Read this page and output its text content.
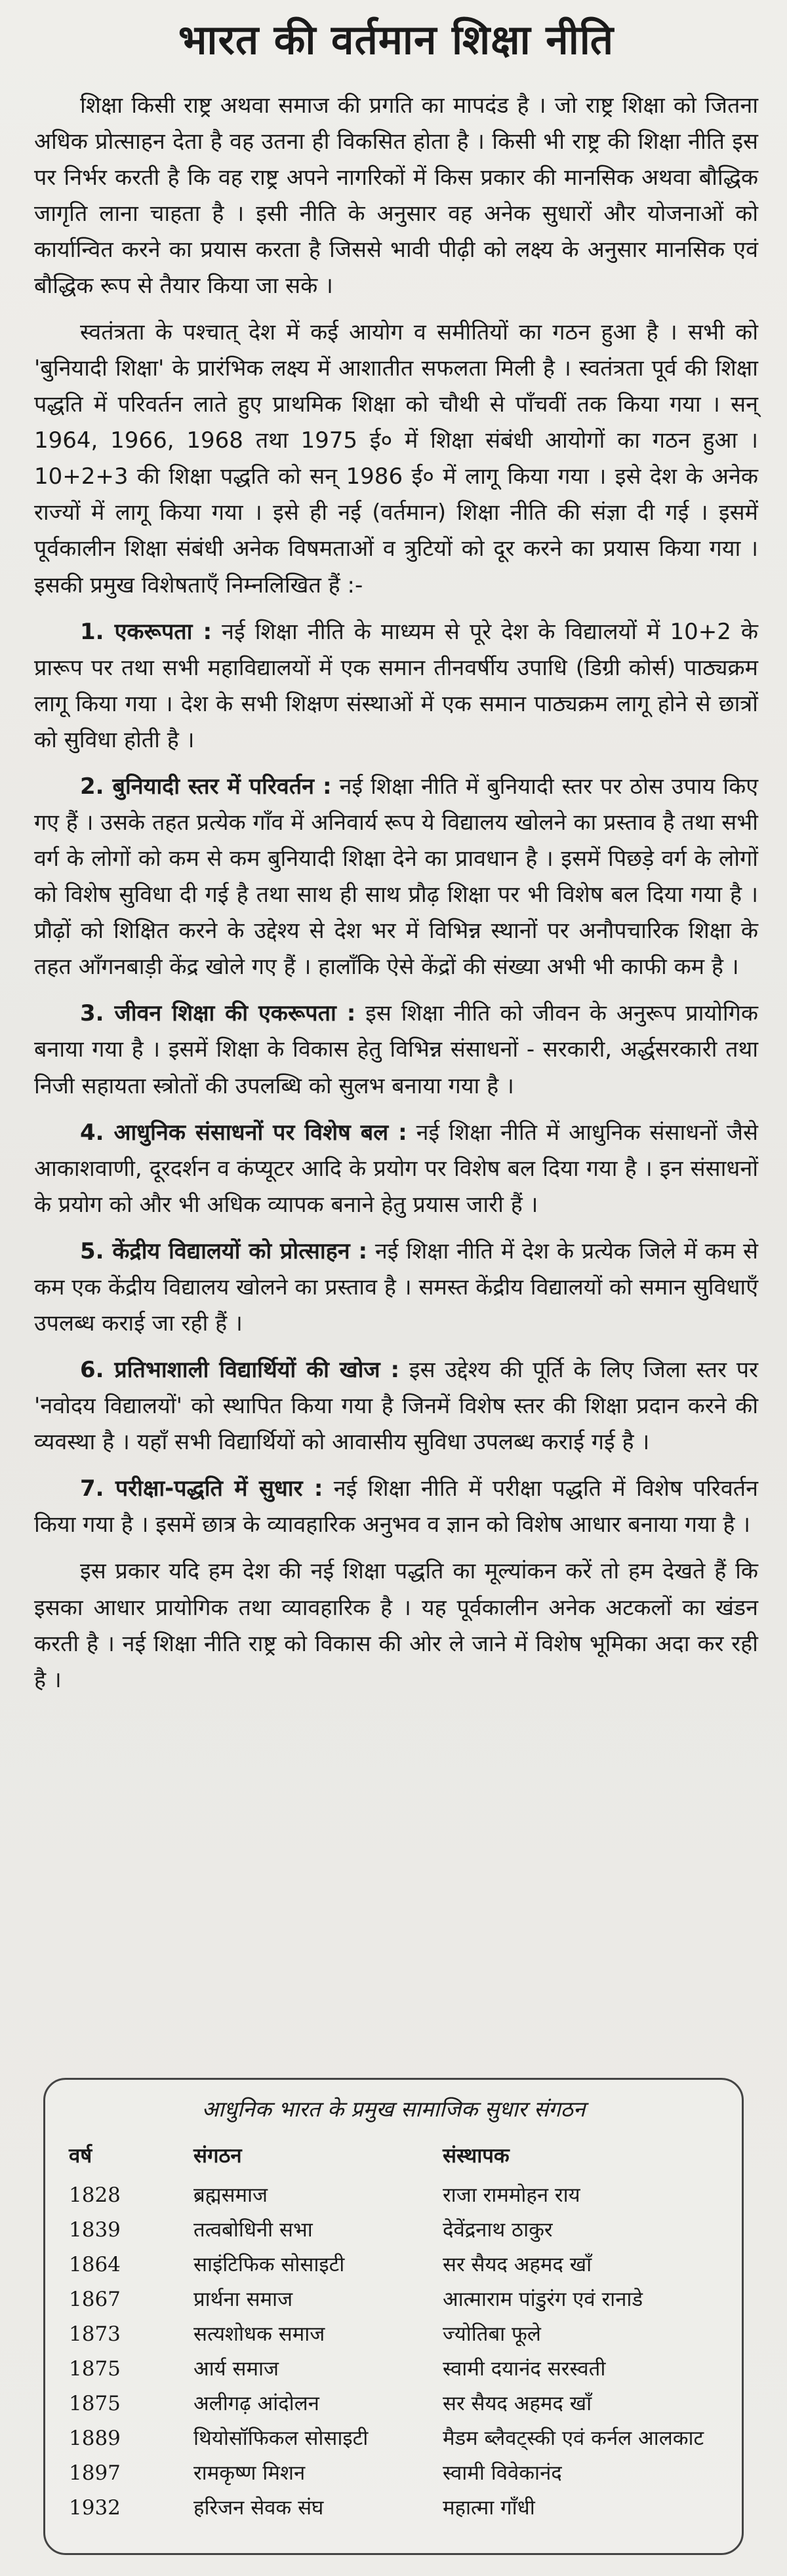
भारत की वर्तमान शिक्षा नीति

शिक्षा किसी राष्ट्र अथवा समाज की प्रगति का मापदंड है । जो राष्ट्र शिक्षा को जितना अधिक प्रोत्साहन देता है वह उतना ही विकसित होता है । किसी भी राष्ट्र की शिक्षा नीति इस पर निर्भर करती है कि वह राष्ट्र अपने नागरिकों में किस प्रकार की मानसिक अथवा बौद्धिक जागृति लाना चाहता है । इसी नीति के अनुसार वह अनेक सुधारों और योजनाओं को कार्यान्वित करने का प्रयास करता है जिससे भावी पीढ़ी को लक्ष्य के अनुसार मानसिक एवं बौद्धिक रूप से तैयार किया जा सके ।

स्वतंत्रता के पश्चात् देश में कई आयोग व समीतियों का गठन हुआ है । सभी को 'बुनियादी शिक्षा' के प्रारंभिक लक्ष्य में आशातीत सफलता मिली है । स्वतंत्रता पूर्व की शिक्षा पद्धति में परिवर्तन लाते हुए प्राथमिक शिक्षा को चौथी से पाँचवीं तक किया गया । सन् 1964, 1966, 1968 तथा 1975 ई० में शिक्षा संबंधी आयोगों का गठन हुआ । 10+2+3 की शिक्षा पद्धति को सन् 1986 ई० में लागू किया गया । इसे देश के अनेक राज्यों में लागू किया गया । इसे ही नई (वर्तमान) शिक्षा नीति की संज्ञा दी गई । इसमें पूर्वकालीन शिक्षा संबंधी अनेक विषमताओं व त्रुटियों को दूर करने का प्रयास किया गया । इसकी प्रमुख विशेषताएँ निम्नलिखित हैं :-

1. एकरूपता : नई शिक्षा नीति के माध्यम से पूरे देश के विद्यालयों में 10+2 के प्रारूप पर तथा सभी महाविद्यालयों में एक समान तीनवर्षीय उपाधि (डिग्री कोर्स) पाठ्यक्रम लागू किया गया । देश के सभी शिक्षण संस्थाओं में एक समान पाठ्यक्रम लागू होने से छात्रों को सुविधा होती है ।

2. बुनियादी स्तर में परिवर्तन : नई शिक्षा नीति में बुनियादी स्तर पर ठोस उपाय किए गए हैं । उसके तहत प्रत्येक गाँव में अनिवार्य रूप ये विद्यालय खोलने का प्रस्ताव है तथा सभी वर्ग के लोगों को कम से कम बुनियादी शिक्षा देने का प्रावधान है । इसमें पिछड़े वर्ग के लोगों को विशेष सुविधा दी गई है तथा साथ ही साथ प्रौढ़ शिक्षा पर भी विशेष बल दिया गया है । प्रौढ़ों को शिक्षित करने के उद्देश्य से देश भर में विभिन्न स्थानों पर अनौपचारिक शिक्षा के तहत आँगनबाड़ी केंद्र खोले गए हैं । हालाँकि ऐसे केंद्रों की संख्या अभी भी काफी कम है ।

3. जीवन शिक्षा की एकरूपता : इस शिक्षा नीति को जीवन के अनुरूप प्रायोगिक बनाया गया है । इसमें शिक्षा के विकास हेतु विभिन्न संसाधनों - सरकारी, अर्द्धसरकारी तथा निजी सहायता स्त्रोतों की उपलब्धि को सुलभ बनाया गया है ।

4. आधुनिक संसाधनों पर विशेष बल : नई शिक्षा नीति में आधुनिक संसाधनों जैसे आकाशवाणी, दूरदर्शन व कंप्यूटर आदि के प्रयोग पर विशेष बल दिया गया है । इन संसाधनों के प्रयोग को और भी अधिक व्यापक बनाने हेतु प्रयास जारी हैं ।

5. केंद्रीय विद्यालयों को प्रोत्साहन : नई शिक्षा नीति में देश के प्रत्येक जिले में कम से कम एक केंद्रीय विद्यालय खोलने का प्रस्ताव है । समस्त केंद्रीय विद्यालयों को समान सुविधाएँ उपलब्ध कराई जा रही हैं ।

6. प्रतिभाशाली विद्यार्थियों की खोज : इस उद्देश्य की पूर्ति के लिए जिला स्तर पर 'नवोदय विद्यालयों' को स्थापित किया गया है जिनमें विशेष स्तर की शिक्षा प्रदान करने की व्यवस्था है । यहाँ सभी विद्यार्थियों को आवासीय सुविधा उपलब्ध कराई गई है ।

7. परीक्षा-पद्धति में सुधार : नई शिक्षा नीति में परीक्षा पद्धति में विशेष परिवर्तन किया गया है । इसमें छात्र के व्यावहारिक अनुभव व ज्ञान को विशेष आधार बनाया गया है ।

इस प्रकार यदि हम देश की नई शिक्षा पद्धति का मूल्यांकन करें तो हम देखते हैं कि इसका आधार प्रायोगिक तथा व्यावहारिक है । यह पूर्वकालीन अनेक अटकलों का खंडन करती है । नई शिक्षा नीति राष्ट्र को विकास की ओर ले जाने में विशेष भूमिका अदा कर रही है ।

आधुनिक भारत के प्रमुख सामाजिक सुधार संगठन
वर्ष	संगठन	संस्थापक
1828	ब्रह्मसमाज	राजा राममोहन राय
1839	तत्वबोधिनी सभा	देवेंद्रनाथ ठाकुर
1864	साइंटिफिक सोसाइटी	सर सैयद अहमद खाँ
1867	प्रार्थना समाज	आत्माराम पांडुरंग एवं रानाडे
1873	सत्यशोधक समाज	ज्योतिबा फूले
1875	आर्य समाज	स्वामी दयानंद सरस्वती
1875	अलीगढ़ आंदोलन	सर सैयद अहमद खाँ
1889	थियोसॉफिकल सोसाइटी	मैडम ब्लैवट्स्की एवं कर्नल आलकाट
1897	रामकृष्ण मिशन	स्वामी विवेकानंद
1932	हरिजन सेवक संघ	महात्मा गाँधी
